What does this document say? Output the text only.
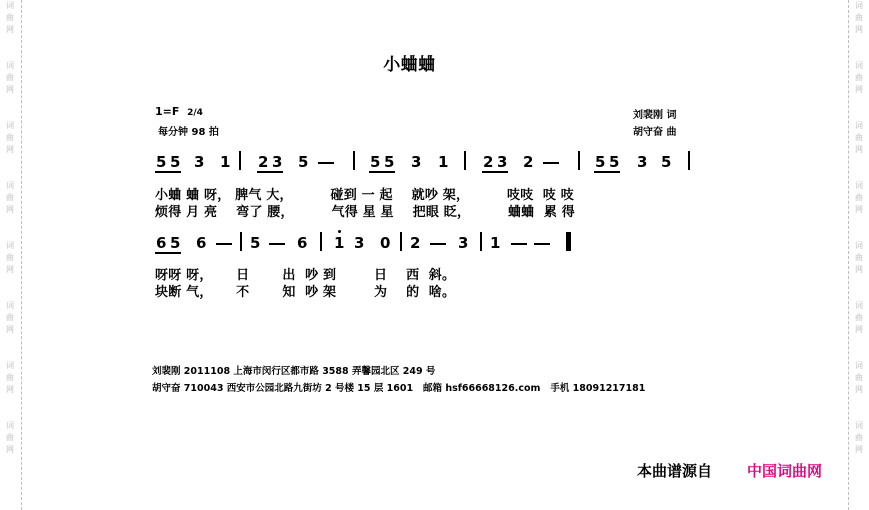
词
曲
网
词
曲
网
词
曲
网
词
曲
网
词
曲
网
词
曲
网
词
曲
网
词
曲
网
词
曲
网
词
曲
网
词
曲
网
词
曲
网
词
曲
网
词
曲
网
词
曲
网
词
曲
网
小蛐蛐
1=F 2/4
每分钟 98 拍
刘裴刚 词
胡守奋 曲
5 5 3 1 2 3 5	5 5 3 1 2 3 2	5 5 3 5
小蛐 蛐 呀， 脾气 大，        碰到 一 起    就吵 架，        吱吱  吱 吱
烦得 月 亮    弯了 腰，        气得 星 星    把眼 眨，        蛐蛐  累 得
6 5 6	5 6 1 3 0 2	3 1
呀呀 呀，     日       出  吵 到        日    西  斜。
块断 气，     不       知  吵 架        为    的  啥。
刘裴刚 2011108 上海市闵行区都市路 3588 弄馨园北区 249 号
胡守奋 710043 西安市公园北路九街坊 2 号楼 15 层 1601   邮箱 hsf66668126.com   手机 18091217181
本曲谱源自 中国词曲网
